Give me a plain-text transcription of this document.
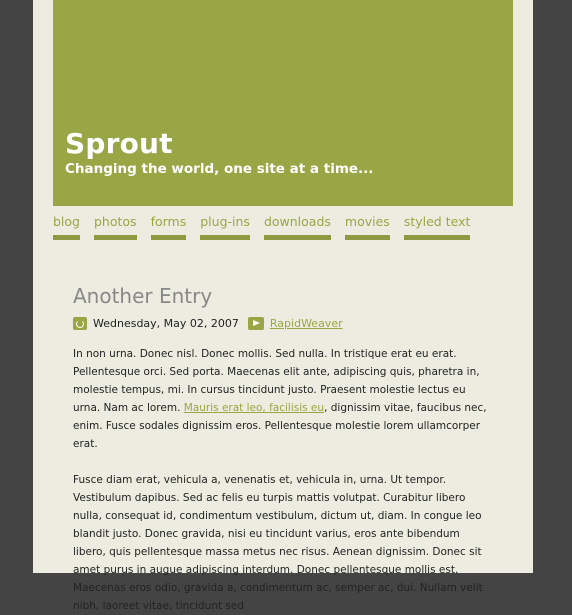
Sprout
Changing the world, one site at a time...
blog photos forms plug-ins downloads movies styled text
Another Entry
Wednesday, May 02, 2007	RapidWeaver

In non urna. Donec nisl. Donec mollis. Sed nulla. In tristique erat eu erat. Pellentesque orci. Sed porta. Maecenas elit ante, adipiscing quis, pharetra in, molestie tempus, mi. In cursus tincidunt justo. Praesent molestie lectus eu urna. Nam ac lorem. Mauris erat leo, facilisis eu, dignissim vitae, faucibus nec, enim. Fusce sodales dignissim eros. Pellentesque molestie lorem ullamcorper erat.

Fusce diam erat, vehicula a, venenatis et, vehicula in, urna. Ut tempor. Vestibulum dapibus. Sed ac felis eu turpis mattis volutpat. Curabitur libero nulla, consequat id, condimentum vestibulum, dictum ut, diam. In congue leo blandit justo. Donec gravida, nisi eu tincidunt varius, eros ante bibendum libero, quis pellentesque massa metus nec risus. Aenean dignissim. Donec sit amet purus in augue adipiscing interdum. Donec pellentesque mollis est. Maecenas eros odio, gravida a, condimentum ac, semper ac, dui. Nullam velit nibh, laoreet vitae, tincidunt sed
